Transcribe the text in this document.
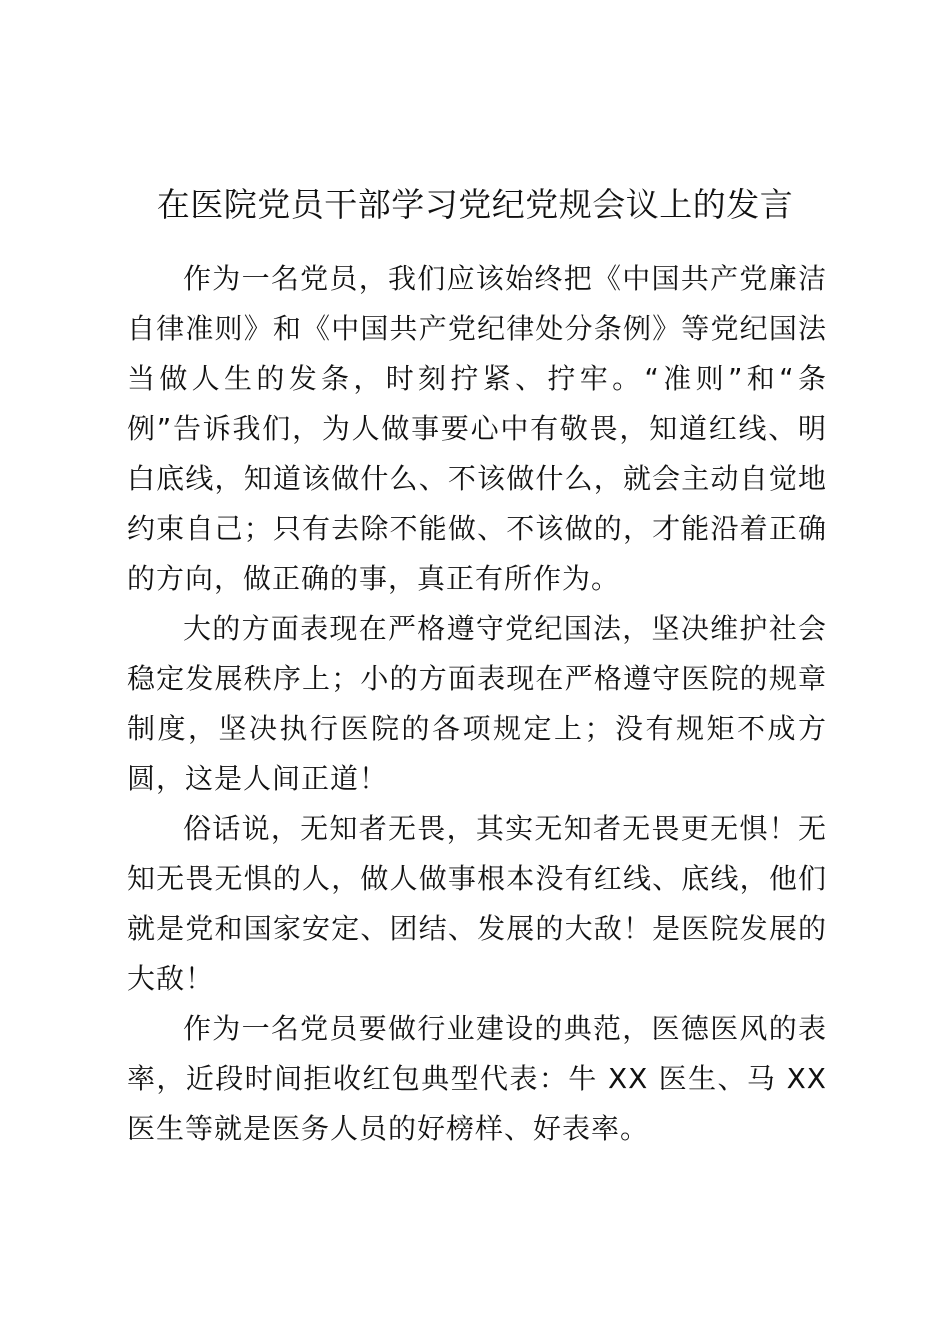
在医院党员干部学习党纪党规会议上的发言

作为一名党员，我们应该始终把《中国共产党廉洁自律准则》和《中国共产党纪律处分条例》等党纪国法当做人生的发条，时刻拧紧、拧牢。“准则”和“条例”告诉我们，为人做事要心中有敬畏，知道红线、明白底线，知道该做什么、不该做什么，就会主动自觉地约束自己；只有去除不能做、不该做的，才能沿着正确的方向，做正确的事，真正有所作为。

大的方面表现在严格遵守党纪国法，坚决维护社会稳定发展秩序上；小的方面表现在严格遵守医院的规章制度，坚决执行医院的各项规定上；没有规矩不成方圆，这是人间正道！

俗话说，无知者无畏，其实无知者无畏更无惧！无知无畏无惧的人，做人做事根本没有红线、底线，他们就是党和国家安定、团结、发展的大敌！是医院发展的大敌！

作为一名党员要做行业建设的典范，医德医风的表率，近段时间拒收红包典型代表：牛 XX 医生、马 XX 医生等就是医务人员的好榜样、好表率。
